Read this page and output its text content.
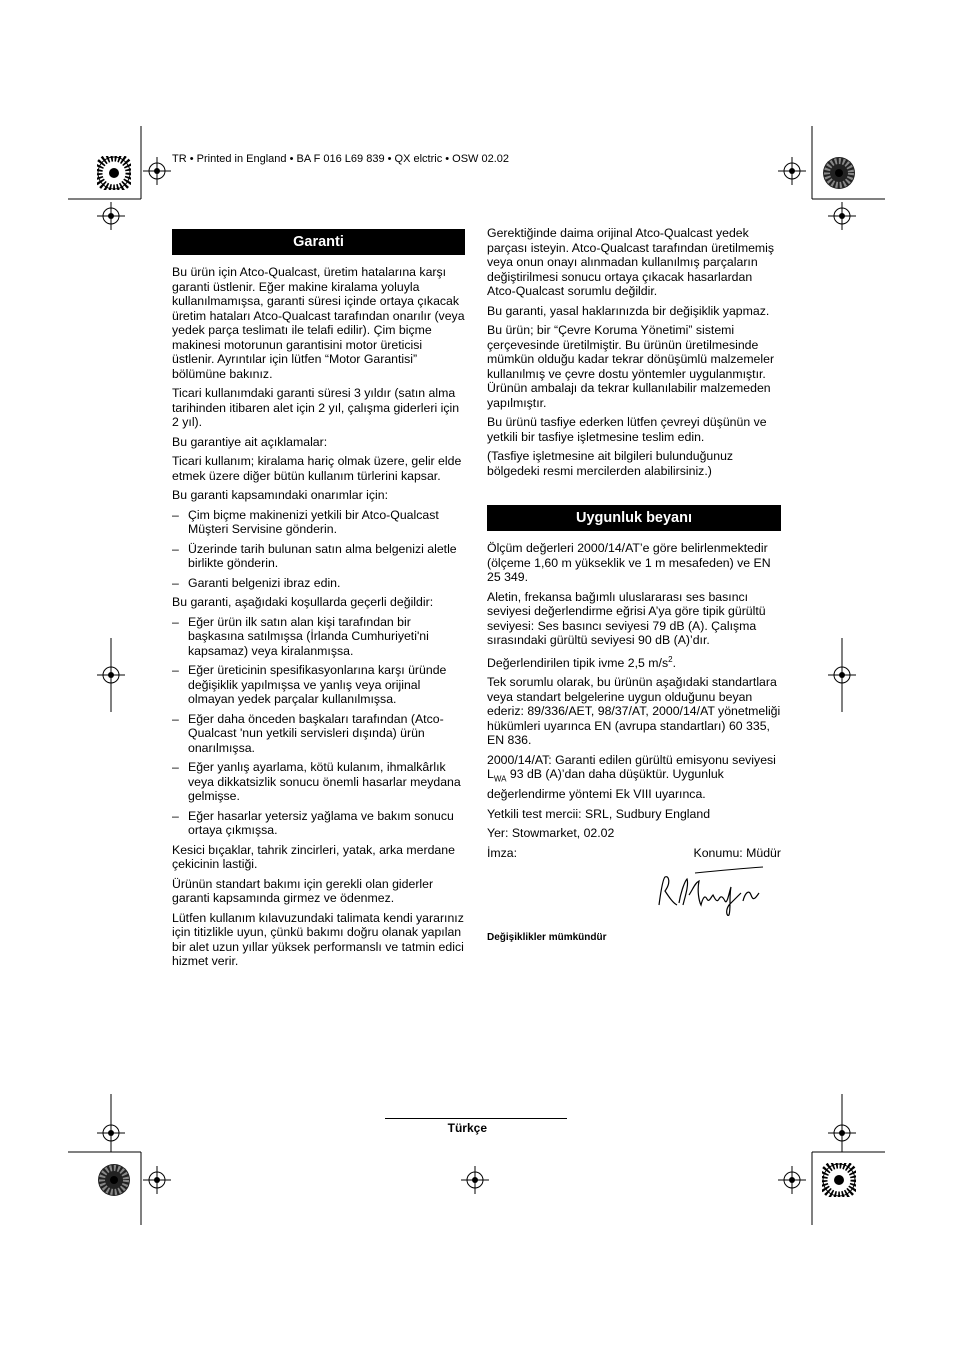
TR • Printed in England • BA F 016 L69 839 • QX elctric • OSW 02.02
Garanti

Bu ürün için Atco-Qualcast, üretim hatalarına karşı garanti üstlenir. Eğer makine kiralama yoluyla kullanılmamışsa, garanti süresi içinde ortaya çıkacak üretim hataları Atco-Qualcast tarafından onarılır (veya yedek parça teslimatı ile telafi edilir). Çim biçme makinesi motorunun garantisini motor üreticisi üstlenir. Ayrıntılar için lütfen “Motor Garantisi” bölümüne bakınız.

Ticari kullanımdaki garanti süresi 3 yıldır (satın alma tarihinden itibaren alet için 2 yıl, çalışma giderleri için 2 yıl).

Bu garantiye ait açıklamalar:

Ticari kullanım; kiralama hariç olmak üzere, gelir elde etmek üzere diğer bütün kullanım türlerini kapsar.

Bu garanti kapsamındaki onarımlar için:

– Çim biçme makinenizi yetkili bir Atco-Qualcast Müşteri Servisine gönderin.
– Üzerinde tarih bulunan satın alma belgenizi aletle birlikte gönderin.
– Garanti belgenizi ibraz edin.

Bu garanti, aşağıdaki koşullarda geçerli değildir:

– Eğer ürün ilk satın alan kişi tarafından bir başkasına satılmışsa (İrlanda Cumhuriyeti'ni kapsamaz) veya kiralanmışsa.
– Eğer üreticinin spesifikasyonlarına karşı üründe değişiklik yapılmışsa ve yanlış veya orijinal olmayan yedek parçalar kullanılmışsa.
– Eğer daha önceden başkaları tarafından (Atco-Qualcast 'nun yetkili servisleri dışında) ürün onarılmışsa.
– Eğer yanlış ayarlama, kötü kulanım, ihmalkârlık veya dikkatsizlik sonucu önemli hasarlar meydana gelmişse.
– Eğer hasarlar yetersiz yağlama ve bakım sonucu ortaya çıkmışsa.

Kesici bıçaklar, tahrik zincirleri, yatak, arka merdane çekicinin lastiği.

Ürünün standart bakımı için gerekli olan giderler garanti kapsamında girmez ve ödenmez.

Lütfen kullanım kılavuzundaki talimata kendi yararınız için titizlikle uyun, çünkü bakımı doğru olanak yapılan bir alet uzun yıllar yüksek performanslı ve tatmin edici hizmet verir.

Gerektiğinde daima orijinal Atco-Qualcast yedek parçası isteyin. Atco-Qualcast tarafından üretilmemiş veya onun onayı alınmadan kullanılmış parçaların değiştirilmesi sonucu ortaya çıkacak hasarlardan Atco-Qualcast sorumlu değildir.

Bu garanti, yasal haklarınızda bir değişiklik yapmaz.

Bu ürün; bir “Çevre Koruma Yönetimi” sistemi çerçevesinde üretilmiştir. Bu ürünün üretilmesinde mümkün olduğu kadar tekrar dönüşümlü malzemeler kullanılmış ve çevre dostu yöntemler uygulanmıştır. Ürünün ambalajı da tekrar kullanılabilir malzemeden yapılmıştır.

Bu ürünü tasfiye ederken lütfen çevreyi düşünün ve yetkili bir tasfiye işletmesine teslim edin.

(Tasfiye işletmesine ait bilgileri bulunduğunuz bölgedeki resmi mercilerden alabilirsiniz.)

Uygunluk beyanı

Ölçüm değerleri 2000/14/AT’e göre belirlenmektedir (ölçeme 1,60 m yükseklik ve 1 m mesafeden) ve EN 25 349.

Aletin, frekansa bağımlı uluslararası ses basıncı seviyesi değerlendirme eğrisi A’ya göre tipik gürültü seviyesi: Ses basıncı seviyesi 79 dB (A). Çalışma sırasındaki gürültü seviyesi 90 dB (A)’dır.

Değerlendirilen tipik ivme 2,5 $m/s^2$.

Tek sorumlu olarak, bu ürünün aşağıdaki standartlara veya standart belgelerine uygun olduğunu beyan ederiz: 89/336/AET, 98/37/AT, 2000/14/AT yönetmeliği hükümleri uyarınca EN (avrupa standartları) 60 335, EN 836.

2000/14/AT: Garanti edilen gürültü emisyonu seviyesi $L_{WA}$ 93 dB (A)’dan daha düşüktür. Uygunluk değerlendirme yöntemi Ek VIII uyarınca.

Yetkili test mercii: SRL, Sudbury England

Yer: Stowmarket, 02.02

İmza:	Konumu: Müdür
Değişiklikler mümkündür
Türkçe
